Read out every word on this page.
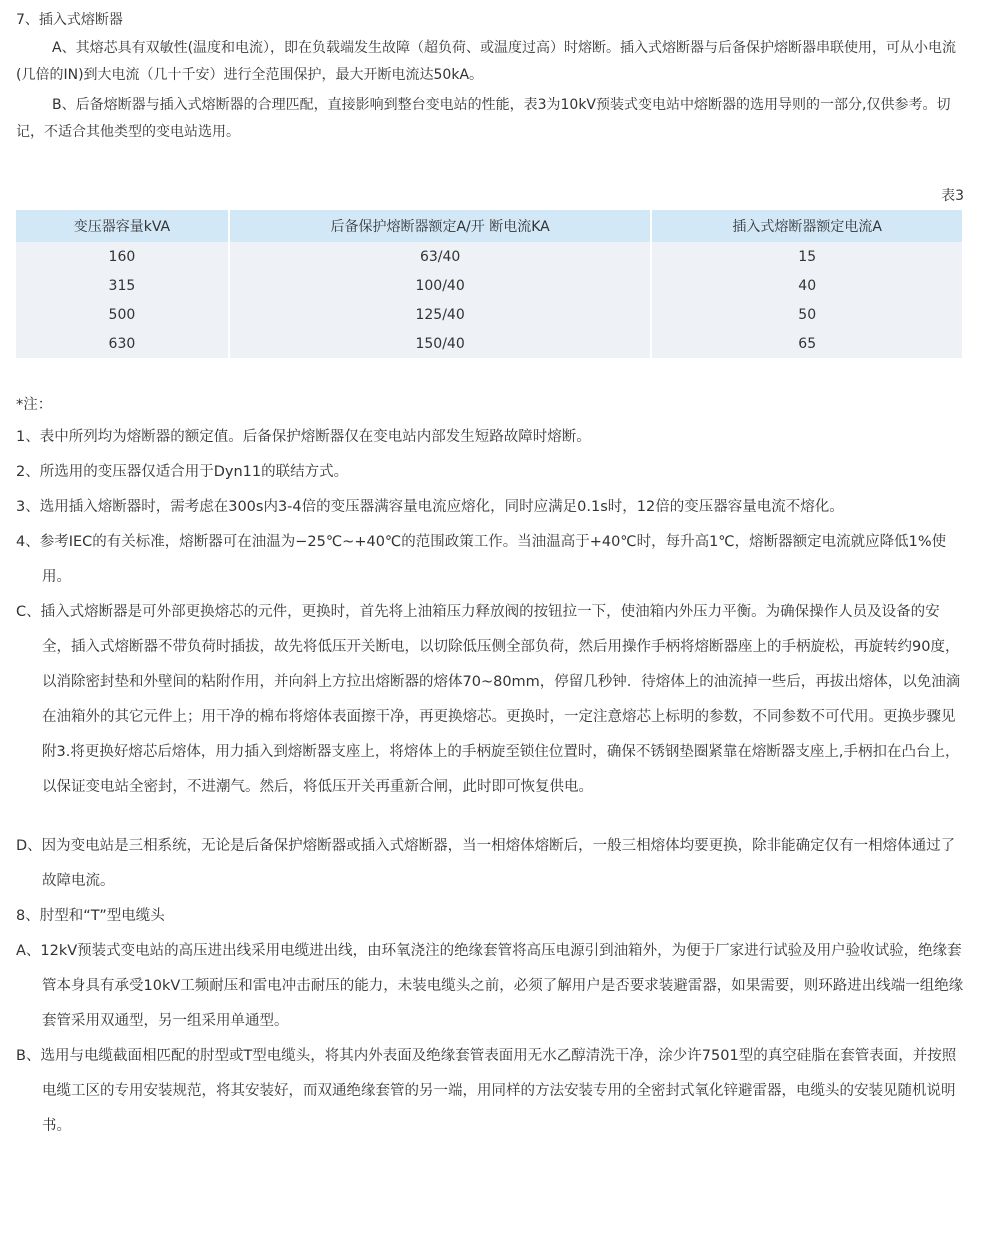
7、插入式熔断器

A、其熔芯具有双敏性(温度和电流），即在负载端发生故障（超负荷、或温度过高）时熔断。插入式熔断器与后备保护熔断器串联使用，可从小电流(几倍的IN)到大电流（几十千安）进行全范围保护，最大开断电流达50kA。

B、后备熔断器与插入式熔断器的合理匹配，直接影响到整台变电站的性能，表3为10kV预装式变电站中熔断器的选用导则的一部分,仅供参考。切记，不适合其他类型的变电站选用。

表3
变压器容量kVA	后备保护熔断器额定A/开 断电流KA	插入式熔断器额定电流A
160	63/40	15
315	100/40	40
500	125/40	50
630	150/40	65
*注：

1、表中所列均为熔断器的额定值。后备保护熔断器仅在变电站内部发生短路故障时熔断。

2、所选用的变压器仅适合用于Dyn11的联结方式。

3、选用插入熔断器时，需考虑在300s内3-4倍的变压器满容量电流应熔化，同时应满足0.1s时，12倍的变压器容量电流不熔化。

4、参考IEC的有关标准，熔断器可在油温为−25℃~+40℃的范围政策工作。当油温高于+40℃时，每升高1℃，熔断器额定电流就应降低1%使用。

C、插入式熔断器是可外部更换熔芯的元件，更换时，首先将上油箱压力释放阀的按钮拉一下，使油箱内外压力平衡。为确保操作人员及设备的安全，插入式熔断器不带负荷时插拔，故先将低压开关断电，以切除低压侧全部负荷，然后用操作手柄将熔断器座上的手柄旋松，再旋转约90度，以消除密封垫和外壁间的粘附作用，并向斜上方拉出熔断器的熔体70~80mm，停留几秒钟．待熔体上的油流掉一些后，再拔出熔体，以免油滴在油箱外的其它元件上；用干净的棉布将熔体表面擦干净，再更换熔芯。更换时，一定注意熔芯上标明的参数，不同参数不可代用。更换步骤见附3.将更换好熔芯后熔体，用力插入到熔断器支座上，将熔体上的手柄旋至锁住位置时，确保不锈钢垫圈紧靠在熔断器支座上,手柄扣在凸台上，以保证变电站全密封，不进潮气。然后，将低压开关再重新合闸，此时即可恢复供电。

D、因为变电站是三相系统，无论是后备保护熔断器或插入式熔断器，当一相熔体熔断后，一般三相熔体均要更换，除非能确定仅有一相熔体通过了故障电流。

8、肘型和“T”型电缆头

A、12kV预装式变电站的高压进出线采用电缆进出线，由环氧浇注的绝缘套管将高压电源引到油箱外，为便于厂家进行试验及用户验收试验，绝缘套管本身具有承受10kV工频耐压和雷电冲击耐压的能力，未装电缆头之前，必须了解用户是否要求装避雷器，如果需要，则环路进出线端一组绝缘套管采用双通型，另一组采用单通型。

B、选用与电缆截面相匹配的肘型或T型电缆头，将其内外表面及绝缘套管表面用无水乙醇清洗干净，涂少许7501型的真空硅脂在套管表面，并按照电缆工区的专用安装规范，将其安装好，而双通绝缘套管的另一端，用同样的方法安装专用的全密封式氧化锌避雷器，电缆头的安装见随机说明书。
